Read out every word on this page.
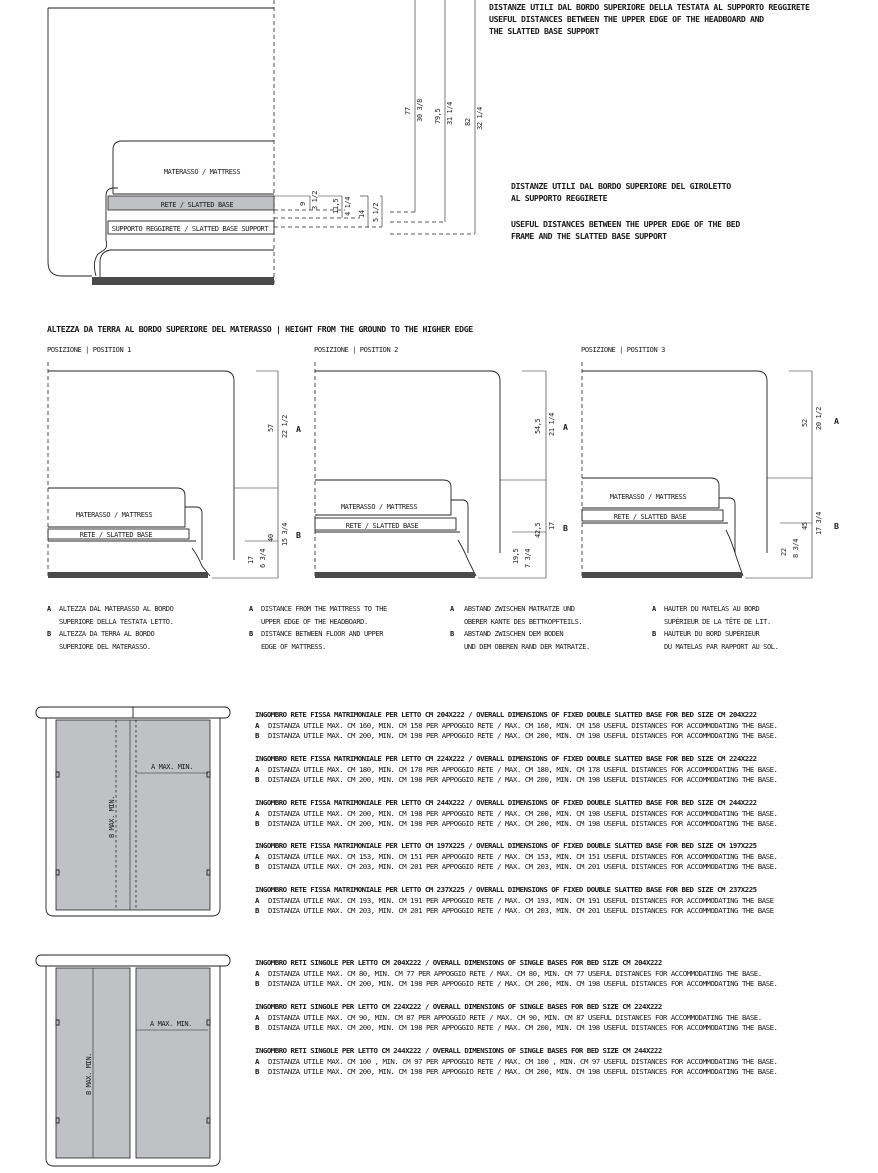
MATERASSO / MATTRESS
RETE / SLATTED BASE
SUPPORTO REGGIRETE / SLATTED BASE SUPPORT
9 3 1/2 11,5 4 1/4 14 5 1/2
77 30 3/8 79,5 31 1/4 82 32 1/4
DISTANZE UTILI DAL BORDO SUPERIORE DELLA TESTATA AL SUPPORTO REGGIRETE
USEFUL DISTANCES BETWEEN THE UPPER EDGE OF THE HEADBOARD AND
THE SLATTED BASE SUPPORT
DISTANZE UTILI DAL BORDO SUPERIORE DEL GIROLETTO
AL SUPPORTO REGGIRETE
USEFUL DISTANCES BETWEEN THE UPPER EDGE OF THE BED
FRAME AND THE SLATTED BASE SUPPORT
ALTEZZA DA TERRA AL BORDO SUPERIORE DEL MATERASSO | HEIGHT FROM THE GROUND TO THE HIGHER EDGE
POSIZIONE | POSITION 1
MATERASSO / MATTRESS
RETE / SLATTED BASE
57 22 1/2
40 15 3/4
17 6 3/4
A
B
POSIZIONE | POSITION 2
MATERASSO / MATTRESS
RETE / SLATTED BASE
54,5 21 1/4
42,5 17
19,5 7 3/4
A
B
POSIZIONE | POSITION 3
MATERASSO / MATTRESS
RETE / SLATTED BASE
52 20 1/2
45 17 3/4
22 8 3/4
A
B
A ALTEZZA DAL MATERASSO AL BORDO
SUPERIORE DELLA TESTATA LETTO.
B ALTEZZA DA TERRA AL BORDO
SUPERIORE DEL MATERASSO.
A DISTANCE FROM THE MATTRESS TO THE
UPPER EDGE OF THE HEADBOARD.
B DISTANCE BETWEEN FLOOR AND UPPER
EDGE OF MATTRESS.
A ABSTAND ZWISCHEN MATRATZE UND
OBERER KANTE DES BETTKOPFTEILS.
B ABSTAND ZWISCHEN DEM BODEN
UND DEM OBEREN RAND DER MATRATZE.
A HAUTER DU MATELAS AU BORD
SUPÉRIEUR DE LA TÊTE DE LIT.
B HAUTEUR DU BORD SUPÉRIEUR
DU MATELAS PAR RAPPORT AU SOL.
A MAX. MIN.
B MAX. MIN.
INGOMBRO RETE FISSA MATRIMONIALE PER LETTO CM 204X222 / OVERALL DIMENSIONS OF FIXED DOUBLE SLATTED BASE FOR BED SIZE CM 204X222
A DISTANZA UTILE MAX. CM 160, MIN. CM 158 PER APPOGGIO RETE / MAX. CM 160, MIN. CM 158 USEFUL DISTANCES FOR ACCOMMODATING THE BASE.
B DISTANZA UTILE MAX. CM 200, MIN. CM 198 PER APPOGGIO RETE / MAX. CM 200, MIN. CM 198 USEFUL DISTANCES FOR ACCOMMODATING THE BASE.
INGOMBRO RETE FISSA MATRIMONIALE PER LETTO CM 224X222 / OVERALL DIMENSIONS OF FIXED DOUBLE SLATTED BASE FOR BED SIZE CM 224X222
A DISTANZA UTILE MAX. CM 180, MIN. CM 178 PER APPOGGIO RETE / MAX. CM 180, MIN. CM 178 USEFUL DISTANCES FOR ACCOMMODATING THE BASE.
B DISTANZA UTILE MAX. CM 200, MIN. CM 198 PER APPOGGIO RETE / MAX. CM 200, MIN. CM 198 USEFUL DISTANCES FOR ACCOMMODATING THE BASE.
INGOMBRO RETE FISSA MATRIMONIALE PER LETTO CM 244X222 / OVERALL DIMENSIONS OF FIXED DOUBLE SLATTED BASE FOR BED SIZE CM 244X222
A DISTANZA UTILE MAX. CM 200, MIN. CM 198 PER APPOGGIO RETE / MAX. CM 200, MIN. CM 198 USEFUL DISTANCES FOR ACCOMMODATING THE BASE.
B DISTANZA UTILE MAX. CM 200, MIN. CM 198 PER APPOGGIO RETE / MAX. CM 200, MIN. CM 198 USEFUL DISTANCES FOR ACCOMMODATING THE BASE.
INGOMBRO RETE FISSA MATRIMONIALE PER LETTO CM 197X225 / OVERALL DIMENSIONS OF FIXED DOUBLE SLATTED BASE FOR BED SIZE CM 197X225
A DISTANZA UTILE MAX. CM 153, MIN. CM 151 PER APPOGGIO RETE / MAX. CM 153, MIN. CM 151 USEFUL DISTANCES FOR ACCOMMODATING THE BASE.
B DISTANZA UTILE MAX. CM 203, MIN. CM 201 PER APPOGGIO RETE / MAX. CM 203, MIN. CM 201 USEFUL DISTANCES FOR ACCOMMODATING THE BASE.
INGOMBRO RETE FISSA MATRIMONIALE PER LETTO CM 237X225 / OVERALL DIMENSIONS OF FIXED DOUBLE SLATTED BASE FOR BED SIZE CM 237X225
A DISTANZA UTILE MAX. CM 193, MIN. CM 191 PER APPOGGIO RETE / MAX. CM 193, MIN. CM 191 USEFUL DISTANCES FOR ACCOMMODATING THE BASE
B DISTANZA UTILE MAX. CM 203, MIN. CM 201 PER APPOGGIO RETE / MAX. CM 203, MIN. CM 201 USEFUL DISTANCES FOR ACCOMMODATING THE BASE
A MAX. MIN.
B MAX. MIN.
INGOMBRO RETI SINGOLE PER LETTO CM 204X222 / OVERALL DIMENSIONS OF SINGLE BASES FOR BED SIZE CM 204X222
A DISTANZA UTILE MAX. CM 80, MIN. CM 77 PER APPOGGIO RETE / MAX. CM 80, MIN. CM 77 USEFUL DISTANCES FOR ACCOMMODATING THE BASE.
B DISTANZA UTILE MAX. CM 200, MIN. CM 198 PER APPOGGIO RETE / MAX. CM 200, MIN. CM 198 USEFUL DISTANCES FOR ACCOMMODATING THE BASE.
INGOMBRO RETI SINGOLE PER LETTO CM 224X222 / OVERALL DIMENSIONS OF SINGLE BASES FOR BED SIZE CM 224X222
A DISTANZA UTILE MAX. CM 90, MIN. CM 87 PER APPOGGIO RETE / MAX. CM 90, MIN. CM 87 USEFUL DISTANCES FOR ACCOMMODATING THE BASE.
B DISTANZA UTILE MAX. CM 200, MIN. CM 198 PER APPOGGIO RETE / MAX. CM 200, MIN. CM 198 USEFUL DISTANCES FOR ACCOMMODATING THE BASE.
INGOMBRO RETI SINGOLE PER LETTO CM 244X222 / OVERALL DIMENSIONS OF SINGLE BASES FOR BED SIZE CM 244X222
A DISTANZA UTILE MAX. CM 100 , MIN. CM 97 PER APPOGGIO RETE / MAX. CM 100 , MIN. CM 97 USEFUL DISTANCES FOR ACCOMMODATING THE BASE.
B DISTANZA UTILE MAX. CM 200, MIN. CM 198 PER APPOGGIO RETE / MAX. CM 200, MIN. CM 198 USEFUL DISTANCES FOR ACCOMMODATING THE BASE.
